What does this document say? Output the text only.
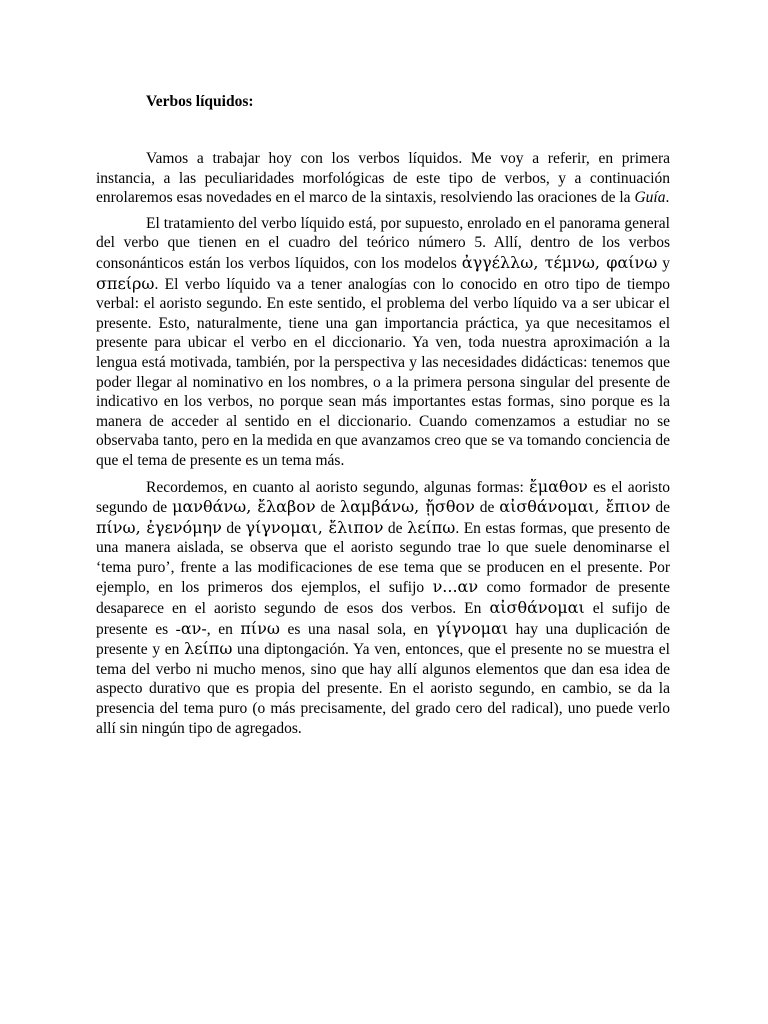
Verbos líquidos:

Vamos a trabajar hoy con los verbos líquidos. Me voy a referir, en primera instancia, a las peculiaridades morfológicas de este tipo de verbos, y a continuación enrolaremos esas novedades en el marco de la sintaxis, resolviendo las oraciones de la Guía.

El tratamiento del verbo líquido está, por supuesto, enrolado en el panorama general del verbo que tienen en el cuadro del teórico número 5. Allí, dentro de los verbos consonánticos están los verbos líquidos, con los modelos ἀγγέλλω, τέμνω, φαίνω y σπείρω. El verbo líquido va a tener analogías con lo conocido en otro tipo de tiempo verbal: el aoristo segundo. En este sentido, el problema del verbo líquido va a ser ubicar el presente. Esto, naturalmente, tiene una gan importancia práctica, ya que necesitamos el presente para ubicar el verbo en el diccionario. Ya ven, toda nuestra aproximación a la lengua está motivada, también, por la perspectiva y las necesidades didácticas: tenemos que poder llegar al nominativo en los nombres, o a la primera persona singular del presente de indicativo en los verbos, no porque sean más importantes estas formas, sino porque es la manera de acceder al sentido en el diccionario. Cuando comenzamos a estudiar no se observaba tanto, pero en la medida en que avanzamos creo que se va tomando conciencia de que el tema de presente es un tema más.

Recordemos, en cuanto al aoristo segundo, algunas formas: ἔμαθον es el aoristo segundo de μανθάνω, ἔλαβον de λαμβάνω, ᾔσθον de αἰσθάνομαι, ἔπιον de πίνω, ἐγενόμην de γίγνομαι, ἔλιπον de λείπω. En estas formas, que presento de una manera aislada, se observa que el aoristo segundo trae lo que suele denominarse el ‘tema puro’, frente a las modificaciones de ese tema que se producen en el presente. Por ejemplo, en los primeros dos ejemplos, el sufijo ν...αν como formador de presente desaparece en el aoristo segundo de esos dos verbos. En αἰσθάνομαι el sufijo de presente es -αν-, en πίνω es una nasal sola, en γίγνομαι hay una duplicación de presente y en λείπω una diptongación. Ya ven, entonces, que el presente no se muestra el tema del verbo ni mucho menos, sino que hay allí algunos elementos que dan esa idea de aspecto durativo que es propia del presente. En el aoristo segundo, en cambio, se da la presencia del tema puro (o más precisamente, del grado cero del radical), uno puede verlo allí sin ningún tipo de agregados.
